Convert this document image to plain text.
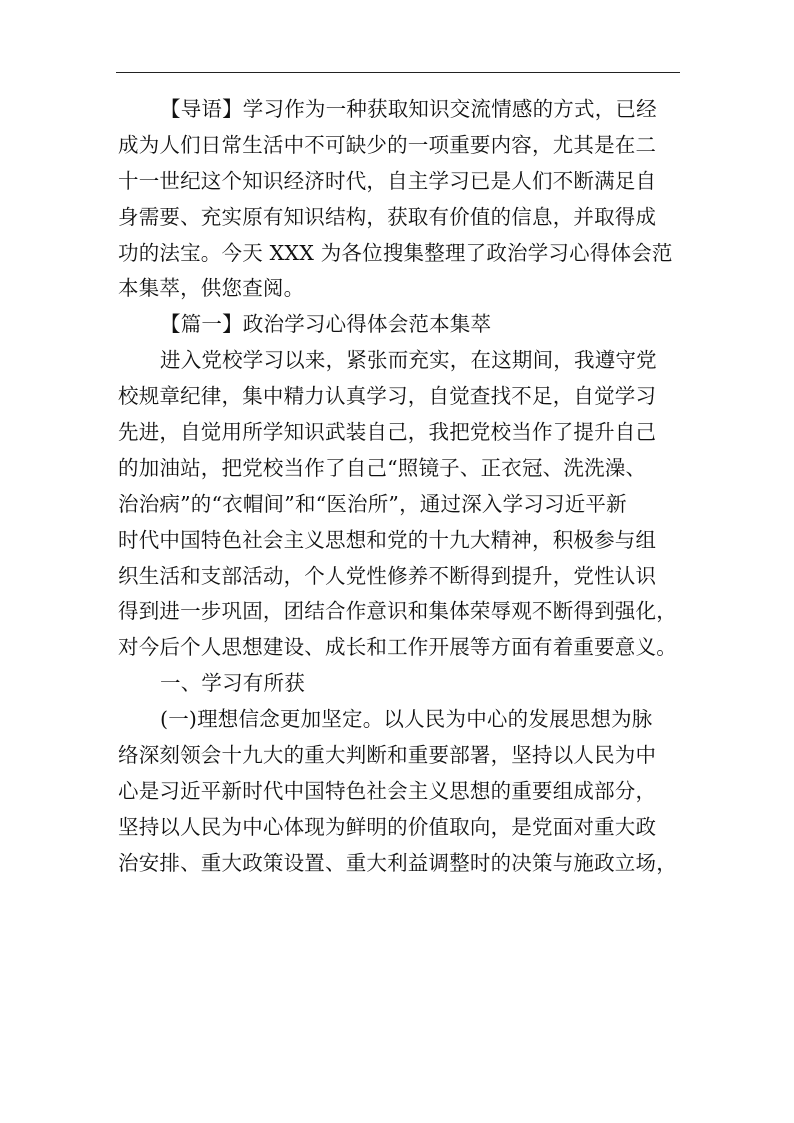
【导语】学习作为一种获取知识交流情感的方式，已经
成为人们日常生活中不可缺少的一项重要内容，尤其是在二
十一世纪这个知识经济时代，自主学习已是人们不断满足自
身需要、充实原有知识结构，获取有价值的信息，并取得成
功的法宝。今天 XXX 为各位搜集整理了政治学习心得体会范
本集萃，供您查阅。
【篇一】政治学习心得体会范本集萃
进入党校学习以来，紧张而充实，在这期间，我遵守党
校规章纪律，集中精力认真学习，自觉查找不足，自觉学习
先进，自觉用所学知识武装自己，我把党校当作了提升自己
的加油站，把党校当作了自己“照镜子、正衣冠、洗洗澡、
治治病”的“衣帽间”和“医治所”，通过深入学习习近平新
时代中国特色社会主义思想和党的十九大精神，积极参与组
织生活和支部活动，个人党性修养不断得到提升，党性认识
得到进一步巩固，团结合作意识和集体荣辱观不断得到强化，
对今后个人思想建设、成长和工作开展等方面有着重要意义。
一、学习有所获
(一)理想信念更加坚定。以人民为中心的发展思想为脉
络深刻领会十九大的重大判断和重要部署，坚持以人民为中
心是习近平新时代中国特色社会主义思想的重要组成部分，
坚持以人民为中心体现为鲜明的价值取向，是党面对重大政
治安排、重大政策设置、重大利益调整时的决策与施政立场，
